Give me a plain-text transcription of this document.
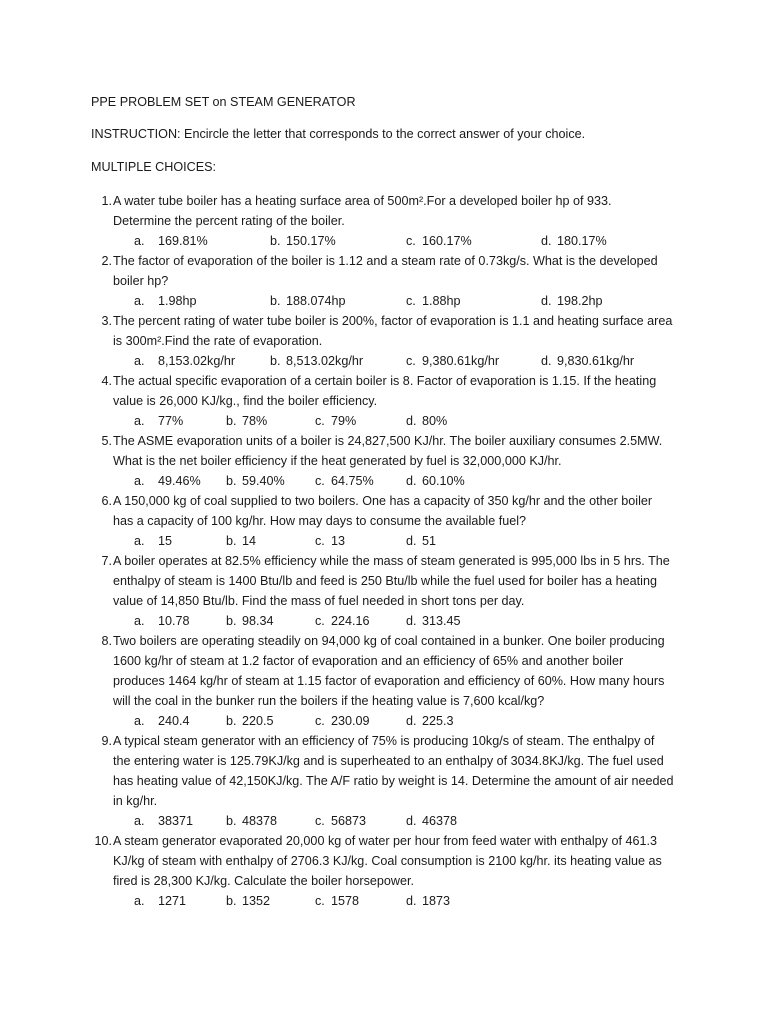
PPE PROBLEM SET on STEAM GENERATOR
INSTRUCTION: Encircle the letter that corresponds to the correct answer of your choice.
MULTIPLE CHOICES:
1. A water tube boiler has a heating surface area of 500m².For a developed boiler hp of 933.
Determine the percent rating of the boiler.
a. 169.81%	b. 150.17%	c. 160.17%	d. 180.17%
2. The factor of evaporation of the boiler is 1.12 and a steam rate of 0.73kg/s. What is the developed
boiler hp?
a. 1.98hp	b. 188.074hp	c. 1.88hp	d. 198.2hp
3. The percent rating of water tube boiler is 200%, factor of evaporation is 1.1 and heating surface area
is 300m².Find the rate of evaporation.
a. 8,153.02kg/hr	b. 8,513.02kg/hr	c. 9,380.61kg/hr	d. 9,830.61kg/hr
4. The actual specific evaporation of a certain boiler is 8. Factor of evaporation is 1.15. If the heating
value is 26,000 KJ/kg., find the boiler efficiency.
a. 77%	b. 78%	c. 79%	d. 80%
5. The ASME evaporation units of a boiler is 24,827,500 KJ/hr. The boiler auxiliary consumes 2.5MW.
What is the net boiler efficiency if the heat generated by fuel is 32,000,000 KJ/hr.
a. 49.46% b. 59.40% c. 64.75%	d. 60.10%
6. A 150,000 kg of coal supplied to two boilers. One has a capacity of 350 kg/hr and the other boiler
has a capacity of 100 kg/hr. How may days to consume the available fuel?
a. 15	b. 14	c. 13	d. 51
7. A boiler operates at 82.5% efficiency while the mass of steam generated is 995,000 lbs in 5 hrs. The
enthalpy of steam is 1400 Btu/lb and feed is 250 Btu/lb while the fuel used for boiler has a heating
value of 14,850 Btu/lb. Find the mass of fuel needed in short tons per day.
a. 10.78	b. 98.34	c. 224.16	d. 313.45
8. Two boilers are operating steadily on 94,000 kg of coal contained in a bunker. One boiler producing
1600 kg/hr of steam at 1.2 factor of evaporation and an efficiency of 65% and another boiler
produces 1464 kg/hr of steam at 1.15 factor of evaporation and efficiency of 60%. How many hours
will the coal in the bunker run the boilers if the heating value is 7,600 kcal/kg?
a. 240.4	b. 220.5	c. 230.09	d. 225.3
9. A typical steam generator with an efficiency of 75% is producing 10kg/s of steam. The enthalpy of
the entering water is 125.79KJ/kg and is superheated to an enthalpy of 3034.8KJ/kg. The fuel used
has heating value of 42,150KJ/kg. The A/F ratio by weight is 14. Determine the amount of air needed
in kg/hr.
a. 38371	b. 48378	c. 56873	d. 46378
10. A steam generator evaporated 20,000 kg of water per hour from feed water with enthalpy of 461.3
KJ/kg of steam with enthalpy of 2706.3 KJ/kg. Coal consumption is 2100 kg/hr. its heating value as
fired is 28,300 KJ/kg. Calculate the boiler horsepower.
a. 1271	b. 1352	c. 1578	d. 1873
